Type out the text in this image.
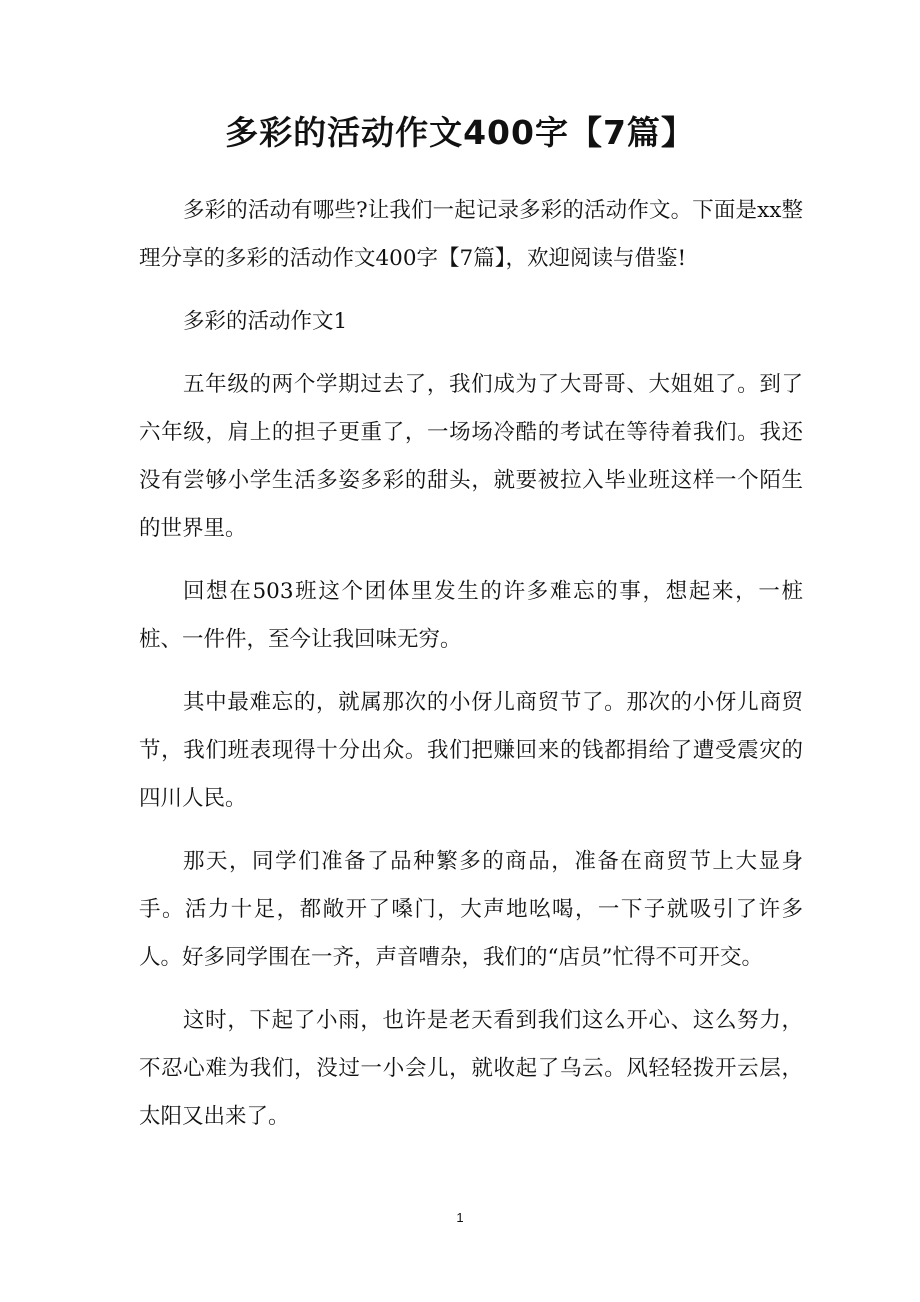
多彩的活动作文400字【7篇】

多彩的活动有哪些?让我们一起记录多彩的活动作文。下面是xx整理分享的多彩的活动作文400字【7篇】，欢迎阅读与借鉴!

多彩的活动作文1

五年级的两个学期过去了，我们成为了大哥哥、大姐姐了。到了六年级，肩上的担子更重了，一场场冷酷的考试在等待着我们。我还没有尝够小学生活多姿多彩的甜头，就要被拉入毕业班这样一个陌生的世界里。

回想在503班这个团体里发生的许多难忘的事，想起来，一桩桩、一件件，至今让我回味无穷。

其中最难忘的，就属那次的小伢儿商贸节了。那次的小伢儿商贸节，我们班表现得十分出众。我们把赚回来的钱都捐给了遭受震灾的四川人民。

那天，同学们准备了品种繁多的商品，准备在商贸节上大显身手。活力十足，都敞开了嗓门，大声地吆喝，一下子就吸引了许多人。好多同学围在一齐，声音嘈杂，我们的“店员”忙得不可开交。

这时，下起了小雨，也许是老天看到我们这么开心、这么努力，不忍心难为我们，没过一小会儿，就收起了乌云。风轻轻拨开云层，太阳又出来了。

1
